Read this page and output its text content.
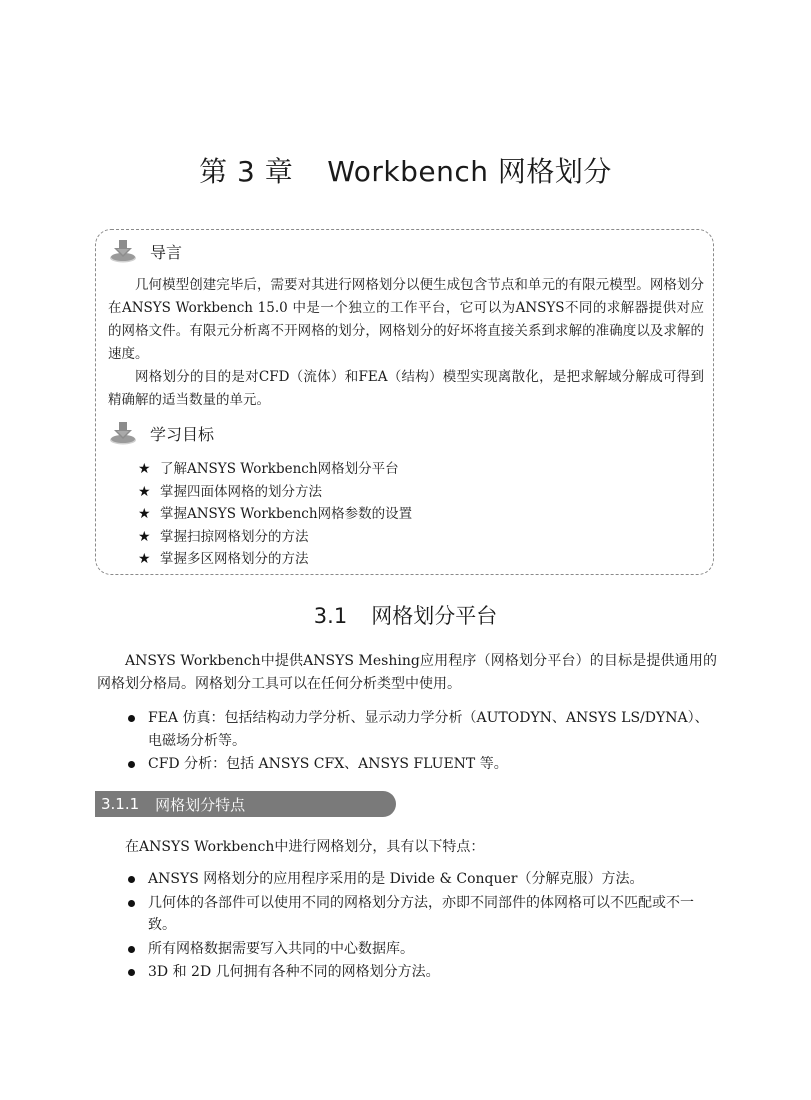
第 3 章 Workbench 网格划分
导言

几何模型创建完毕后，需要对其进行网格划分以便生成包含节点和单元的有限元模型。网格划分在ANSYS Workbench 15.0 中是一个独立的工作平台，它可以为ANSYS不同的求解器提供对应的网格文件。有限元分析离不开网格的划分，网格划分的好坏将直接关系到求解的准确度以及求解的速度。

网格划分的目的是对CFD（流体）和FEA（结构）模型实现离散化，是把求解域分解成可得到精确解的适当数量的单元。

学习目标
★ 了解ANSYS Workbench网格划分平台
★ 掌握四面体网格的划分方法
★ 掌握ANSYS Workbench网格参数的设置
★ 掌握扫掠网格划分的方法
★ 掌握多区网格划分的方法
3.1 网格划分平台

ANSYS Workbench中提供ANSYS Meshing应用程序（网格划分平台）的目标是提供通用的网格划分格局。网格划分工具可以在任何分析类型中使用。

FEA 仿真：包括结构动力学分析、显示动力学分析（AUTODYN、ANSYS LS/DYNA）、电磁场分析等。
CFD 分析：包括 ANSYS CFX、ANSYS FLUENT 等。
3.1.1 网格划分特点

在ANSYS Workbench中进行网格划分，具有以下特点：

ANSYS 网格划分的应用程序采用的是 Divide & Conquer（分解克服）方法。
几何体的各部件可以使用不同的网格划分方法，亦即不同部件的体网格可以不匹配或不一致。
所有网格数据需要写入共同的中心数据库。
3D 和 2D 几何拥有各种不同的网格划分方法。
